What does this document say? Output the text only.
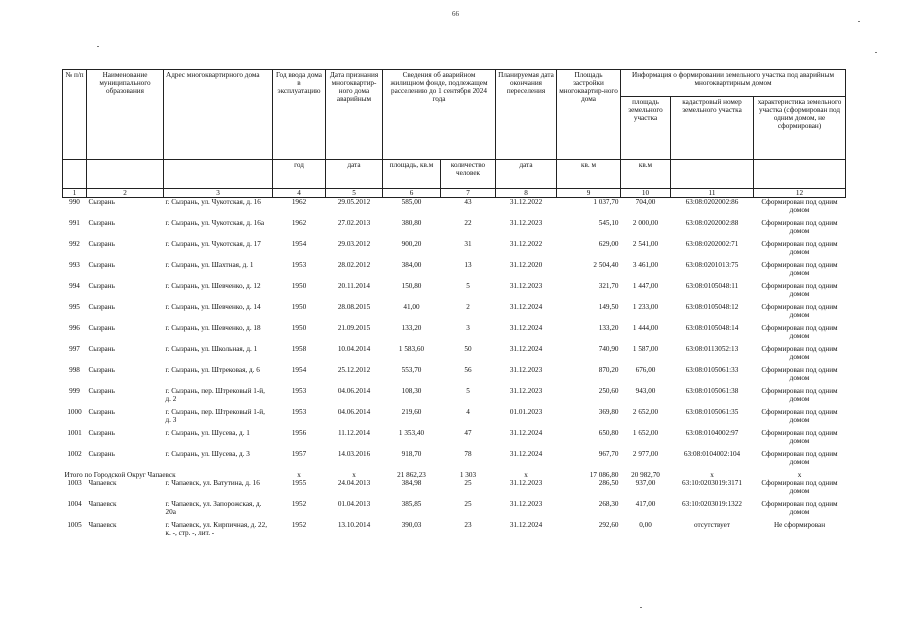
66
№ п/п	Наименование муниципального образования	Адрес многоквартирного дома	Год ввода дома в эксплуатацию	Дата признания многоквартир-ного дома аварийным	Сведения об аварийном жилищном фонде, подлежащем расселению до 1 сентября 2024 года		Планируемая дата окончания переселения	Площадь застройки многоквартир-ного дома	Информация о формировании земельного участка под аварийным многоквартирным домом		
									площадь земельного участка	кадастровый номер земельного участка	характеристика земельного участка (сформирован под одним домом, не сформирован)
			год	дата	площадь, кв.м	количество человек	дата	кв. м	кв.м		
1	2	3	4	5	6	7	8	9	10	11	12
990	Сызрань	г. Сызрань, ул. Чукотская, д. 16	1962	29.05.2012	585,00	43	31.12.2022	1 037,70	704,00	63:08:0202002:86	Сформирован под одним домом
991	Сызрань	г. Сызрань, ул. Чукотская, д. 16а	1962	27.02.2013	380,80	22	31.12.2023	545,10	2 000,00	63:08:0202002:88	Сформирован под одним домом
992	Сызрань	г. Сызрань, ул. Чукотская, д. 17	1954	29.03.2012	900,20	31	31.12.2022	629,00	2 541,00	63:08:0202002:71	Сформирован под одним домом
993	Сызрань	г. Сызрань, ул. Шахтная, д. 1	1953	28.02.2012	384,00	13	31.12.2020	2 504,40	3 461,00	63:08:0201013:75	Сформирован под одним домом
994	Сызрань	г. Сызрань, ул. Шевченко, д. 12	1950	20.11.2014	150,80	5	31.12.2023	321,70	1 447,00	63:08:0105048:11	Сформирован под одним домом
995	Сызрань	г. Сызрань, ул. Шевченко, д. 14	1950	28.08.2015	41,00	2	31.12.2024	149,50	1 233,00	63:08:0105048:12	Сформирован под одним домом
996	Сызрань	г. Сызрань, ул. Шевченко, д. 18	1950	21.09.2015	133,20	3	31.12.2024	133,20	1 444,00	63:08:0105048:14	Сформирован под одним домом
997	Сызрань	г. Сызрань, ул. Школьная, д. 1	1958	10.04.2014	1 583,60	50	31.12.2024	740,90	1 587,00	63:08:0113052:13	Сформирован под одним домом
998	Сызрань	г. Сызрань, ул. Штрековая, д. 6	1954	25.12.2012	553,70	56	31.12.2023	870,20	676,00	63:08:0105061:33	Сформирован под одним домом
999	Сызрань	г. Сызрань, пер. Штрековый 1-й, д. 2	1953	04.06.2014	108,30	5	31.12.2023	250,60	943,00	63:08:0105061:38	Сформирован под одним домом
1000	Сызрань	г. Сызрань, пер. Штрековый 1-й, д. 3	1953	04.06.2014	219,60	4	01.01.2023	369,80	2 652,00	63:08:0105061:35	Сформирован под одним домом
1001	Сызрань	г. Сызрань, ул. Шусева, д. 1	1956	11.12.2014	1 353,40	47	31.12.2024	650,80	1 652,00	63:08:0104002:97	Сформирован под одним домом
1002	Сызрань	г. Сызрань, ул. Шусева, д. 3	1957	14.03.2016	918,70	78	31.12.2024	967,70	2 977,00	63:08:0104002:104	Сформирован под одним домом
Итого по Городской Округ Чапаевск			x	x	21 862,23	1 303	x	17 086,80	20 982,70	x	x
1003	Чапаевск	г. Чапаевск, ул. Ватутина, д. 16	1955	24.04.2013	384,98	25	31.12.2023	286,50	937,00	63:10:0203019:3171	Сформирован под одним домом
1004	Чапаевск	г. Чапаевск, ул. Запорожская, д. 20а	1952	01.04.2013	385,85	25	31.12.2023	268,30	417,00	63:10:0203019:1322	Сформирован под одним домом
1005	Чапаевск	г. Чапаевск, ул. Кирпичная, д. 22, к. -, стр. -, лит. -	1952	13.10.2014	390,03	23	31.12.2024	292,60	0,00	отсутствует	Не сформирован
